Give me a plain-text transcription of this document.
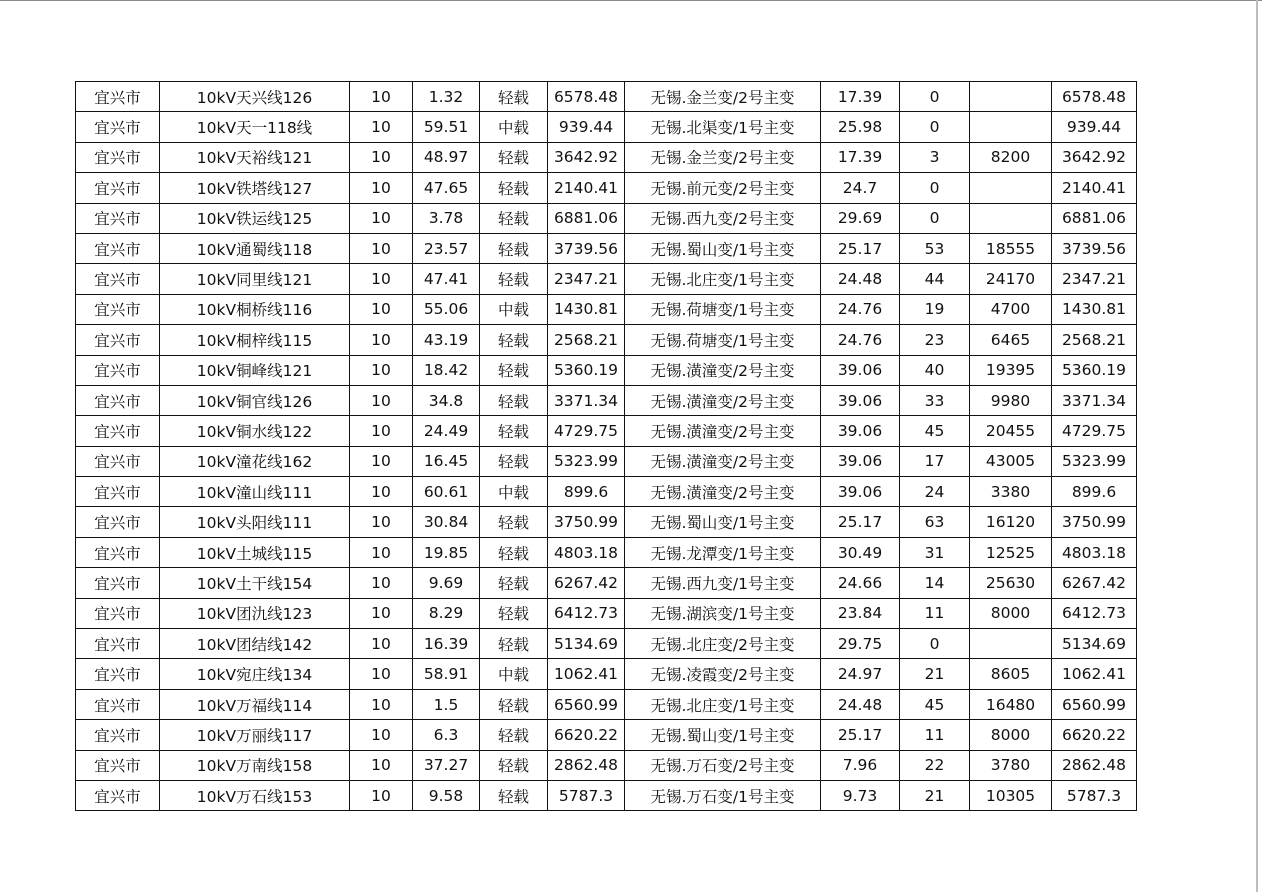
宜兴市	10kV天兴线126	10	1.32	轻载	6578.48	无锡.金兰变/2号主变	17.39	0		6578.48
宜兴市	10kV天一118线	10	59.51	中载	939.44	无锡.北渠变/1号主变	25.98	0		939.44
宜兴市	10kV天裕线121	10	48.97	轻载	3642.92	无锡.金兰变/2号主变	17.39	3	8200	3642.92
宜兴市	10kV铁塔线127	10	47.65	轻载	2140.41	无锡.前元变/2号主变	24.7	0		2140.41
宜兴市	10kV铁运线125	10	3.78	轻载	6881.06	无锡.西九变/2号主变	29.69	0		6881.06
宜兴市	10kV通蜀线118	10	23.57	轻载	3739.56	无锡.蜀山变/1号主变	25.17	53	18555	3739.56
宜兴市	10kV同里线121	10	47.41	轻载	2347.21	无锡.北庄变/1号主变	24.48	44	24170	2347.21
宜兴市	10kV桐桥线116	10	55.06	中载	1430.81	无锡.荷塘变/1号主变	24.76	19	4700	1430.81
宜兴市	10kV桐梓线115	10	43.19	轻载	2568.21	无锡.荷塘变/1号主变	24.76	23	6465	2568.21
宜兴市	10kV铜峰线121	10	18.42	轻载	5360.19	无锡.潢潼变/2号主变	39.06	40	19395	5360.19
宜兴市	10kV铜官线126	10	34.8	轻载	3371.34	无锡.潢潼变/2号主变	39.06	33	9980	3371.34
宜兴市	10kV铜水线122	10	24.49	轻载	4729.75	无锡.潢潼变/2号主变	39.06	45	20455	4729.75
宜兴市	10kV潼花线162	10	16.45	轻载	5323.99	无锡.潢潼变/2号主变	39.06	17	43005	5323.99
宜兴市	10kV潼山线111	10	60.61	中载	899.6	无锡.潢潼变/2号主变	39.06	24	3380	899.6
宜兴市	10kV头阳线111	10	30.84	轻载	3750.99	无锡.蜀山变/1号主变	25.17	63	16120	3750.99
宜兴市	10kV土城线115	10	19.85	轻载	4803.18	无锡.龙潭变/1号主变	30.49	31	12525	4803.18
宜兴市	10kV土干线154	10	9.69	轻载	6267.42	无锡.西九变/1号主变	24.66	14	25630	6267.42
宜兴市	10kV团氿线123	10	8.29	轻载	6412.73	无锡.湖滨变/1号主变	23.84	11	8000	6412.73
宜兴市	10kV团结线142	10	16.39	轻载	5134.69	无锡.北庄变/2号主变	29.75	0		5134.69
宜兴市	10kV宛庄线134	10	58.91	中载	1062.41	无锡.凌霞变/2号主变	24.97	21	8605	1062.41
宜兴市	10kV万福线114	10	1.5	轻载	6560.99	无锡.北庄变/1号主变	24.48	45	16480	6560.99
宜兴市	10kV万丽线117	10	6.3	轻载	6620.22	无锡.蜀山变/1号主变	25.17	11	8000	6620.22
宜兴市	10kV万南线158	10	37.27	轻载	2862.48	无锡.万石变/2号主变	7.96	22	3780	2862.48
宜兴市	10kV万石线153	10	9.58	轻载	5787.3	无锡.万石变/1号主变	9.73	21	10305	5787.3
